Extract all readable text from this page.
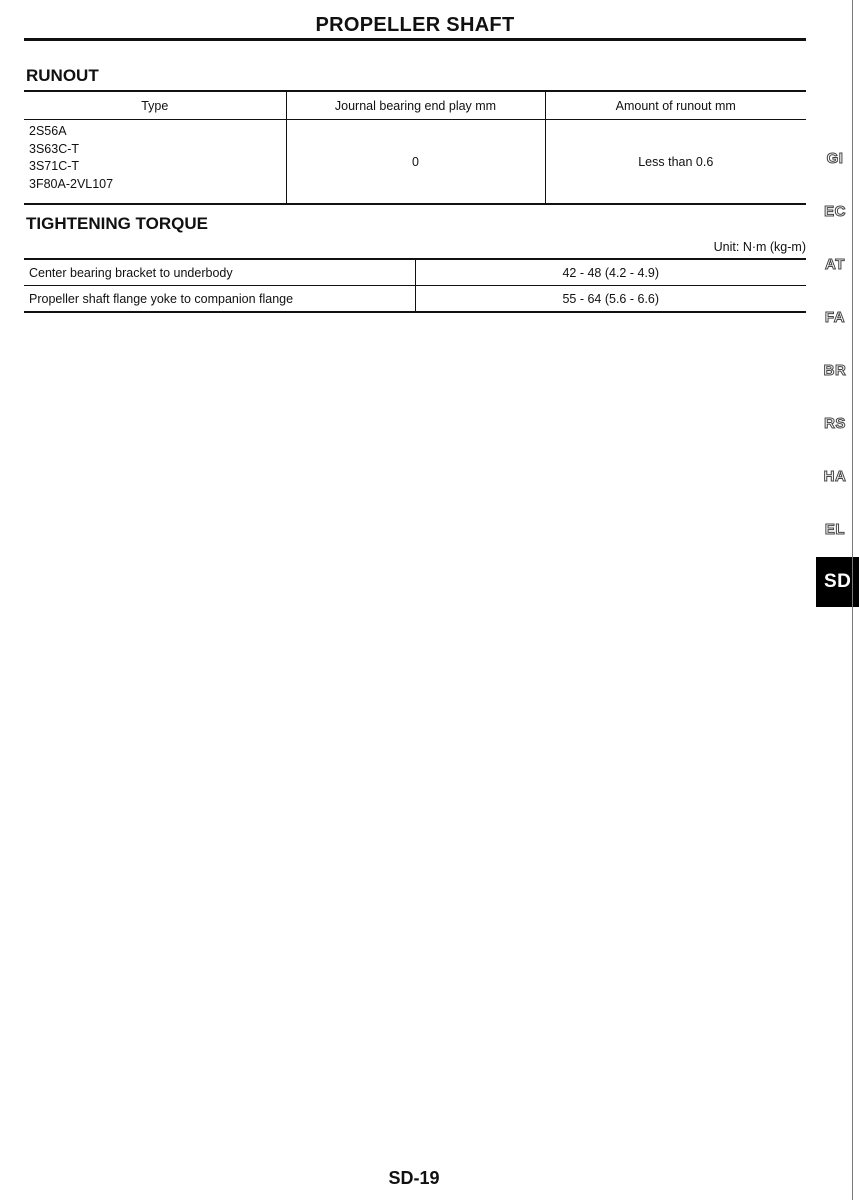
PROPELLER SHAFT
RUNOUT
Type	Journal bearing end play mm	Amount of runout mm

2S56A
3S63C-T
3S71C-T
3F80A-2VL107	0	Less than 0.6
TIGHTENING TORQUE
Unit: N·m (kg-m)
Center bearing bracket to underbody	42 - 48 (4.2 - 4.9)
Propeller shaft flange yoke to companion flange	55 - 64 (5.6 - 6.6)
GI
EC
AT
FA
BR
RS
HA
EL
SD
SD-19
